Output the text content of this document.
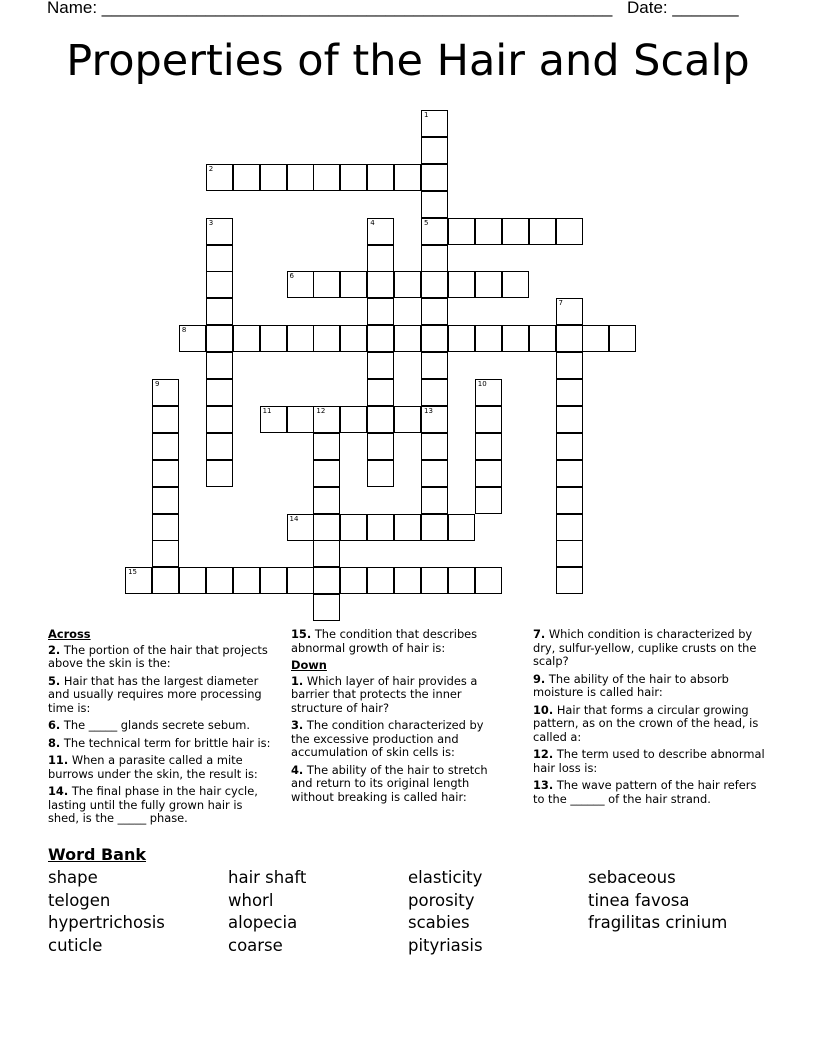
Name: ______________________________________________________ Date: _______
Properties of the Hair and Scalp
1
5
2
3	4
6
7
8
9	10
11	12	13
14
15
Across
2. The portion of the hair that projects above the skin is the:
5. Hair that has the largest diameter and usually requires more processing time is:
6. The _____ glands secrete sebum.
8. The technical term for brittle hair is:
11. When a parasite called a mite burrows under the skin, the result is:
14. The final phase in the hair cycle, lasting until the fully grown hair is shed, is the _____ phase.
15. The condition that describes abnormal growth of hair is:
Down
1. Which layer of hair provides a barrier that protects the inner structure of hair?
3. The condition characterized by the excessive production and accumulation of skin cells is:
4. The ability of the hair to stretch and return to its original length without breaking is called hair:
7. Which condition is characterized by dry, sulfur-yellow, cuplike crusts on the scalp?
9. The ability of the hair to absorb moisture is called hair:
10. Hair that forms a circular growing pattern, as on the crown of the head, is called a:
12. The term used to describe abnormal hair loss is:
13. The wave pattern of the hair refers to the ______ of the hair strand.
Word Bank
shape	hair shaft	elasticity	sebaceous
telogen	whorl	porosity	tinea favosa
hypertrichosis	alopecia	scabies	fragilitas crinium
cuticle	coarse	pityriasis
